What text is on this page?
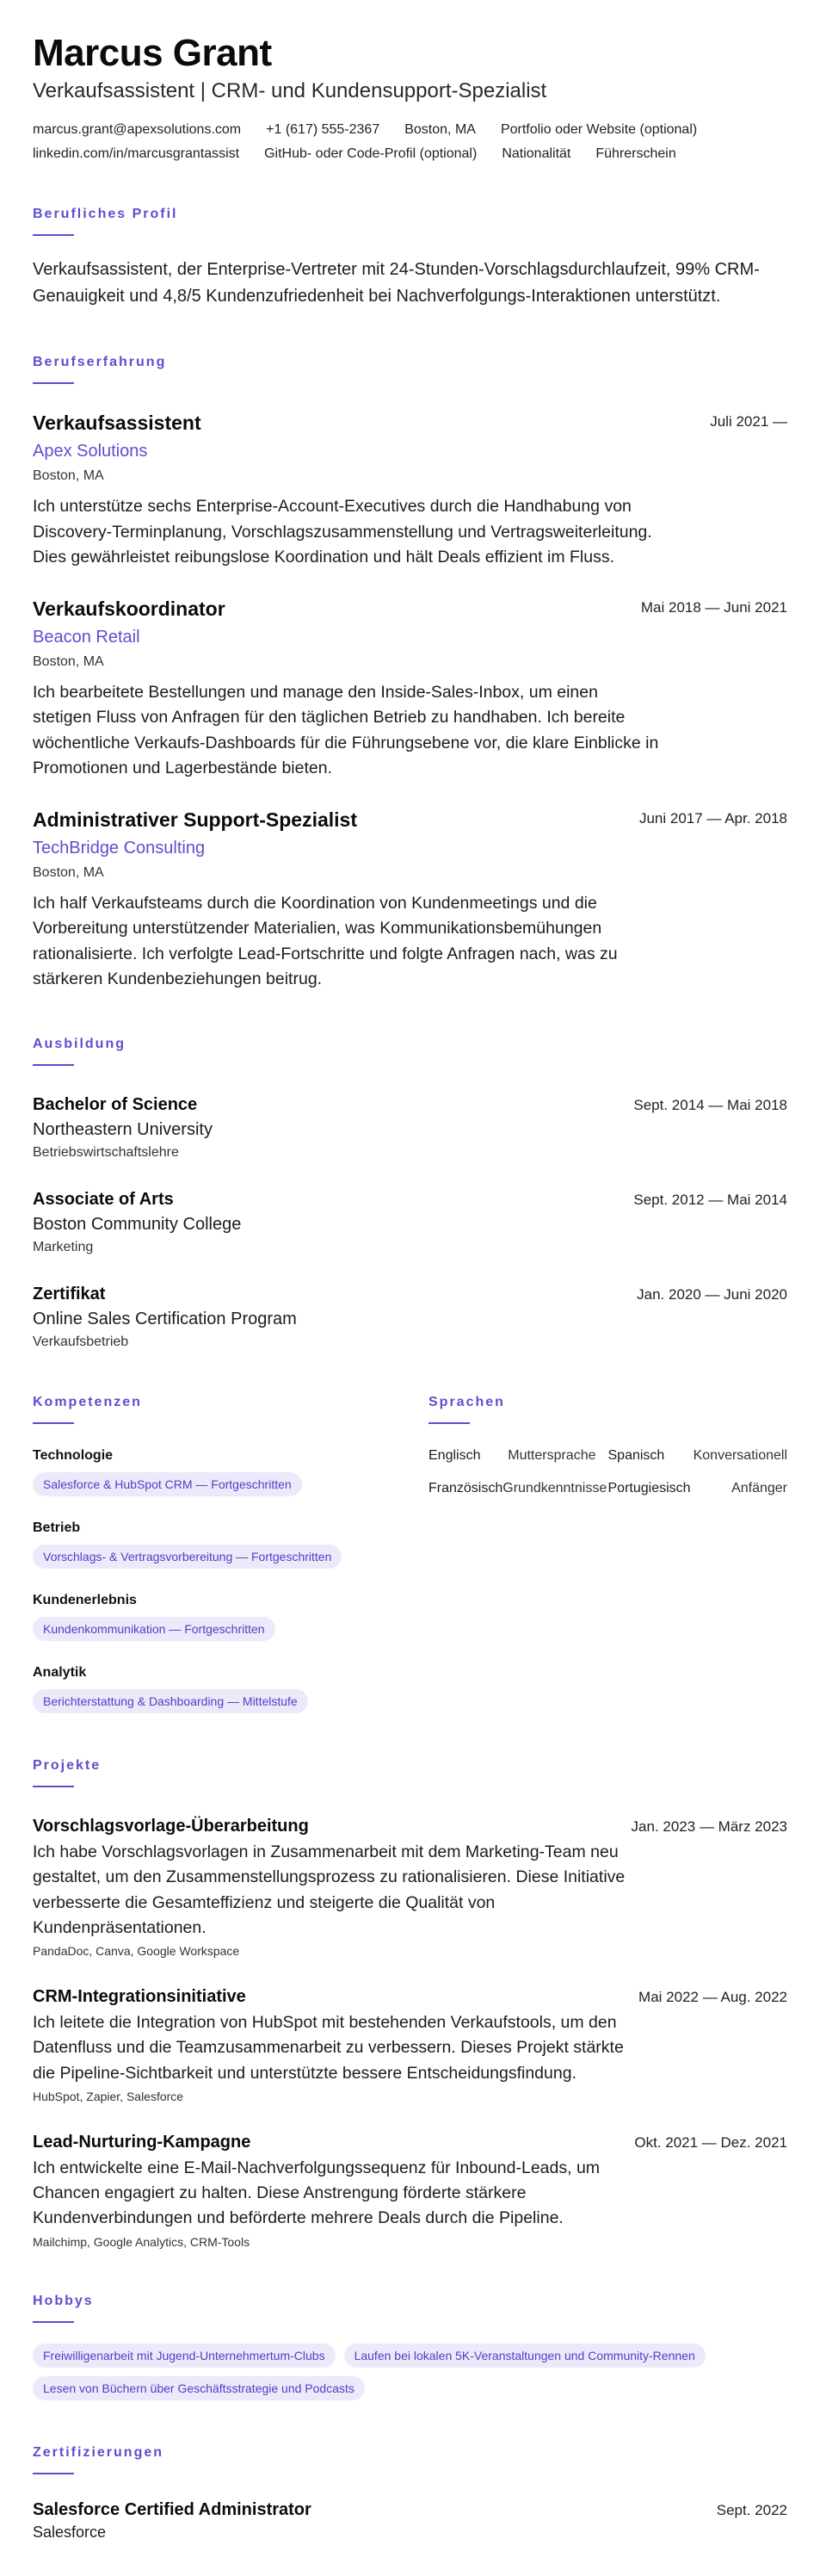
Marcus Grant
Verkaufsassistent | CRM- und Kundensupport-Spezialist
marcus.grant@apexsolutions.com +1 (617) 555-2367 Boston, MA Portfolio oder Website (optional)
linkedin.com/in/marcusgrantassist GitHub- oder Code-Profil (optional) Nationalität Führerschein
Berufliches Profil

Verkaufsassistent, der Enterprise-Vertreter mit 24-Stunden-Vorschlagsdurchlaufzeit, 99% CRM-Genauigkeit und 4,8/5 Kundenzufriedenheit bei Nachverfolgungs-Interaktionen unterstützt.

Berufserfahrung
Juli 2021 —
Verkaufsassistent
Apex Solutions
Boston, MA

Ich unterstütze sechs Enterprise-Account-Executives durch die Handhabung von Discovery-Terminplanung, Vorschlagszusammenstellung und Vertragsweiterleitung. Dies gewährleistet reibungslose Koordination und hält Deals effizient im Fluss.

Mai 2018 — Juni 2021
Verkaufskoordinator
Beacon Retail
Boston, MA

Ich bearbeitete Bestellungen und manage den Inside-Sales-Inbox, um einen stetigen Fluss von Anfragen für den täglichen Betrieb zu handhaben. Ich bereite wöchentliche Verkaufs-Dashboards für die Führungsebene vor, die klare Einblicke in Promotionen und Lagerbestände bieten.

Juni 2017 — Apr. 2018
Administrativer Support-Spezialist
TechBridge Consulting
Boston, MA

Ich half Verkaufsteams durch die Koordination von Kundenmeetings und die Vorbereitung unterstützender Materialien, was Kommunikationsbemühungen rationalisierte. Ich verfolgte Lead-Fortschritte und folgte Anfragen nach, was zu stärkeren Kundenbeziehungen beitrug.

Ausbildung
Sept. 2014 — Mai 2018
Bachelor of Science
Northeastern University
Betriebswirtschaftslehre
Sept. 2012 — Mai 2014
Associate of Arts
Boston Community College
Marketing
Jan. 2020 — Juni 2020
Zertifikat
Online Sales Certification Program
Verkaufsbetrieb
Kompetenzen
Technologie
Salesforce & HubSpot CRM — Fortgeschritten
Betrieb
Vorschlags- & Vertragsvorbereitung — Fortgeschritten
Kundenerlebnis
Kundenkommunikation — Fortgeschritten
Analytik
Berichterstattung & Dashboarding — Mittelstufe
Sprachen
Englisch Muttersprache Spanisch Konversationell
Französisch Grundkenntnisse Portugiesisch	Anfänger
Projekte
Jan. 2023 — März 2023
Vorschlagsvorlage-Überarbeitung

Ich habe Vorschlagsvorlagen in Zusammenarbeit mit dem Marketing-Team neu gestaltet, um den Zusammenstellungsprozess zu rationalisieren. Diese Initiative verbesserte die Gesamteffizienz und steigerte die Qualität von Kundenpräsentationen.

PandaDoc, Canva, Google Workspace
Mai 2022 — Aug. 2022
CRM-Integrationsinitiative

Ich leitete die Integration von HubSpot mit bestehenden Verkaufstools, um den Datenfluss und die Teamzusammenarbeit zu verbessern. Dieses Projekt stärkte die Pipeline-Sichtbarkeit und unterstützte bessere Entscheidungsfindung.

HubSpot, Zapier, Salesforce
Okt. 2021 — Dez. 2021
Lead-Nurturing-Kampagne

Ich entwickelte eine E-Mail-Nachverfolgungssequenz für Inbound-Leads, um Chancen engagiert zu halten. Diese Anstrengung förderte stärkere Kundenverbindungen und beförderte mehrere Deals durch die Pipeline.

Mailchimp, Google Analytics, CRM-Tools
Hobbys
Freiwilligenarbeit mit Jugend-Unternehmertum-Clubs	Laufen bei lokalen 5K-Veranstaltungen und Community-Rennen
Lesen von Büchern über Geschäftsstrategie und Podcasts
Zertifizierungen
Sept. 2022
Salesforce Certified Administrator
Salesforce
